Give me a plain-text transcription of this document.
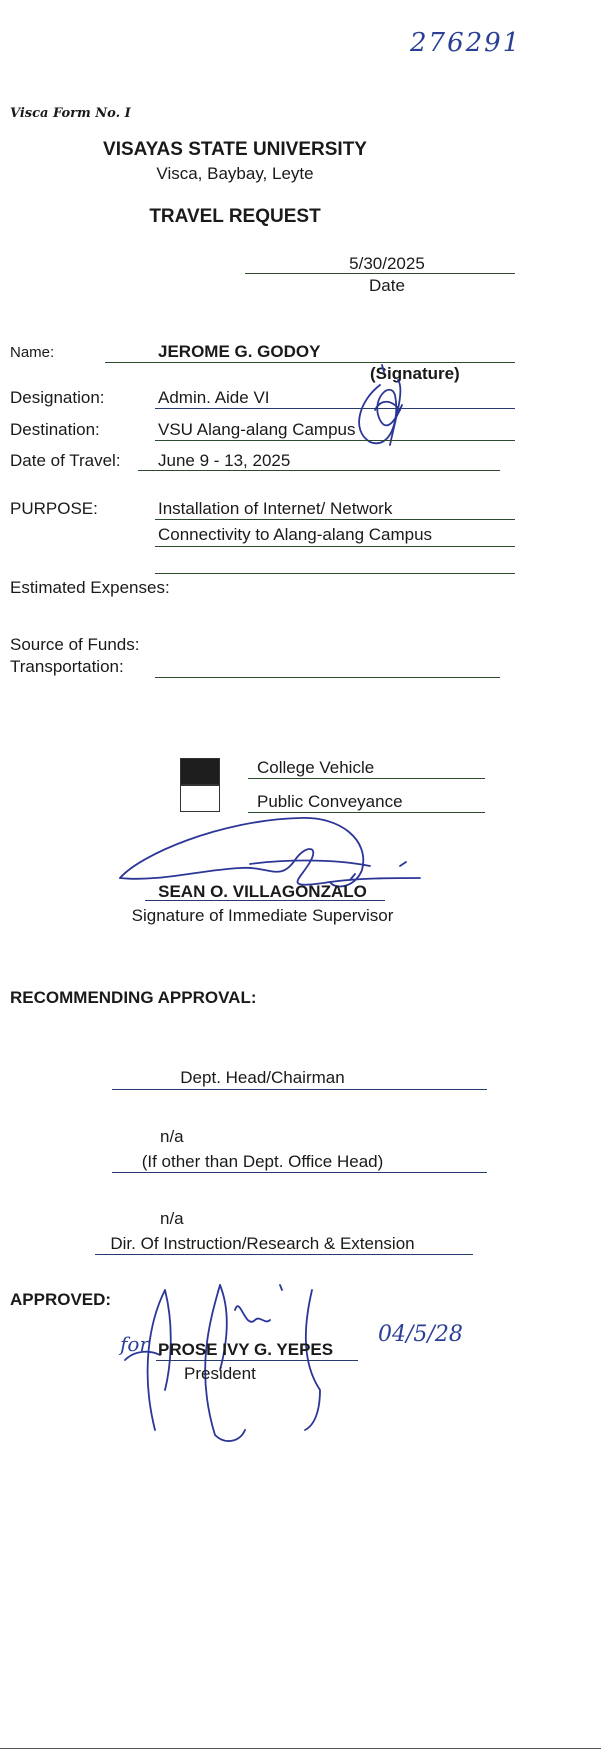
276291
Visca Form No. I
VISAYAS STATE UNIVERSITY
Visca, Baybay, Leyte
TRAVEL REQUEST
5/30/2025
Date
Name:	JEROME G. GODOY
(Signature)
Designation:	Admin. Aide VI
Destination:	VSU Alang-alang Campus
Date of Travel: June 9 - 13, 2025
PURPOSE:	Installation of Internet/ Network
Connectivity to Alang-alang Campus
Estimated Expenses:
Source of Funds:
Transportation:
College Vehicle
Public Conveyance
SEAN O. VILLAGONZALO
Signature of Immediate Supervisor
RECOMMENDING APPROVAL:
Dept. Head/Chairman
n/a
(If other than Dept. Office Head)
n/a
Dir. Of Instruction/Research & Extension
APPROVED:
for PROSE IVY G. YEPES
President
04/5/28
